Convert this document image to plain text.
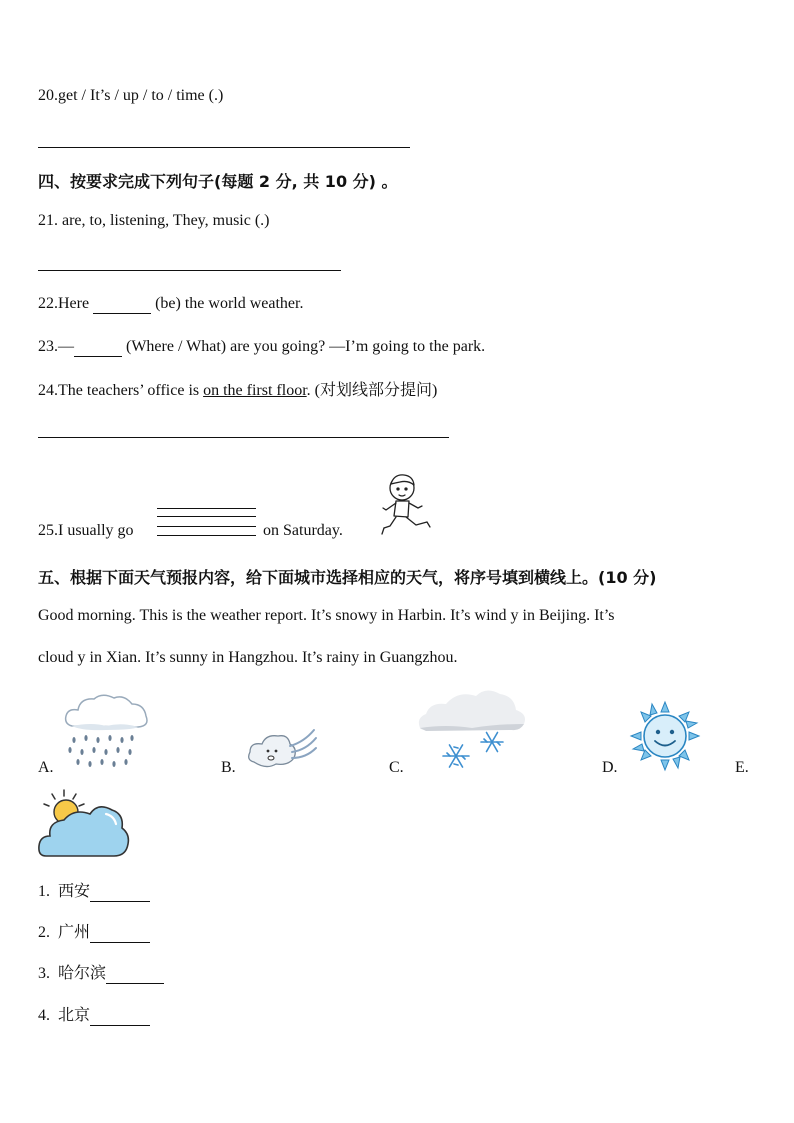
20.get / It’s / up / to / time (.)
四、按要求完成下列句子(每题 2 分, 共 10 分) 。
21. are, to, listening, They, music (.)
22.Here	(be) the world weather.
23.—	(Where / What) are you going? —I’m going to the park.
24.The teachers’ office is on the first floor. (对划线部分提问)
25.I usually go	on Saturday.
五、根据下面天气预报内容，给下面城市选择相应的天气，将序号填到横线上。(10 分)
Good morning. This is the weather report. It’s snowy in Harbin. It’s wind y in Beijing. It’s
cloud y in Xian. It’s sunny in Hangzhou. It’s rainy in Guangzhou.
A.	B.	C.	D.	E.
1. 西安
2. 广州
3. 哈尔滨
4. 北京
